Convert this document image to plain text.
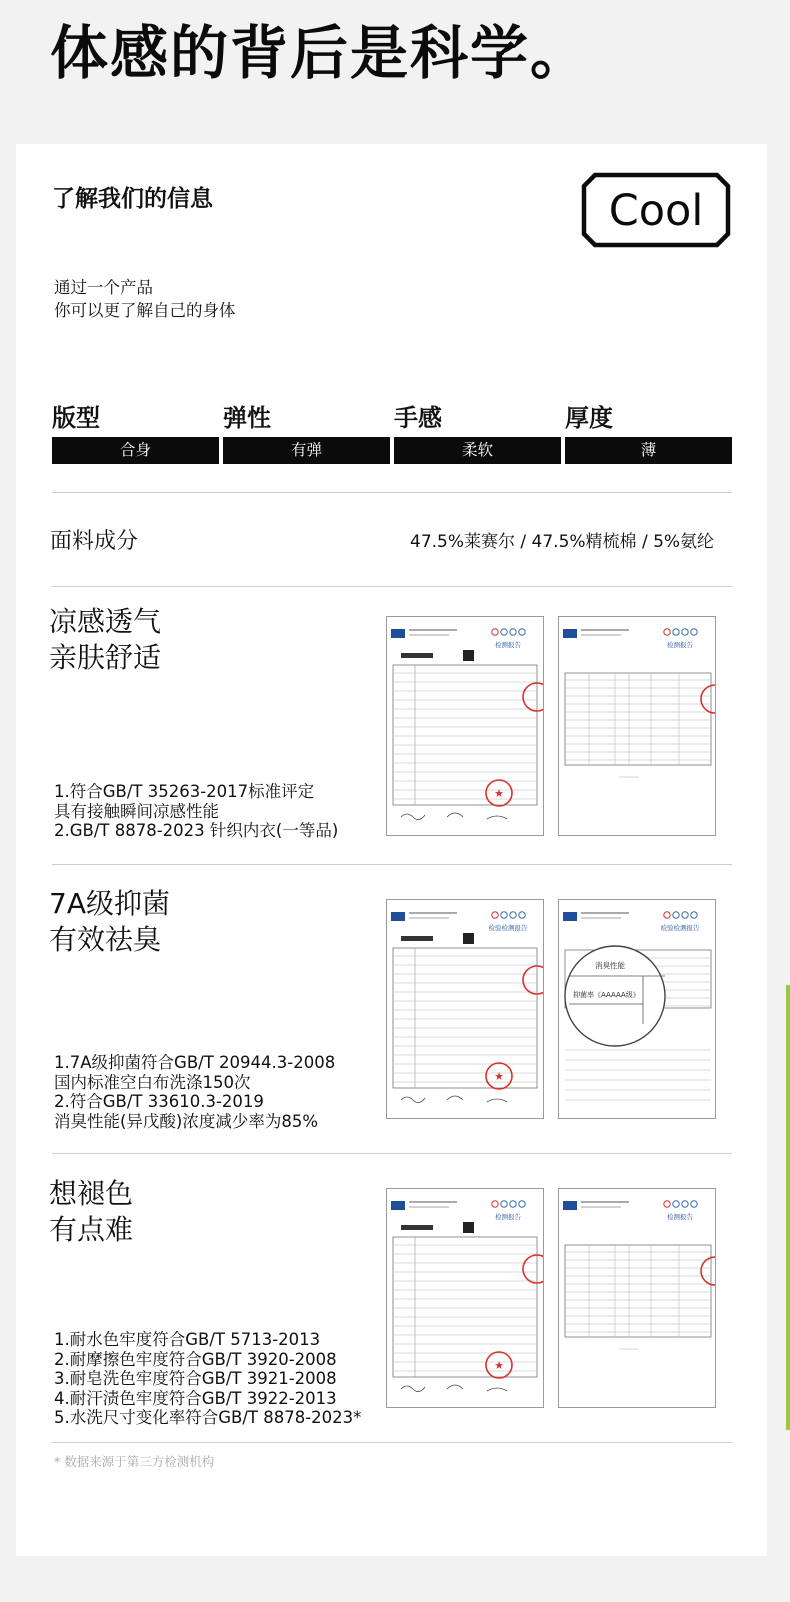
体感的背后是科学。
了解我们的信息	Cool
通过一个产品
你可以更了解自己的身体
版型
合身
弹性
有弹
手感
柔软
厚度
薄
面料成分	47.5%莱赛尔 / 47.5%精梳棉 / 5%氨纶
凉感透气
亲肤舒适
1.符合GB/T 35263-2017标准评定
具有接触瞬间凉感性能
2.GB/T 8878-2023 针织内衣(一等品)
检测报告
★
检测报告
7A级抑菌
有效祛臭
1.7A级抑菌符合GB/T 20944.3-2008
国内标准空白布洗涤150次
2.符合GB/T 33610.3-2019
消臭性能(异戊酸)浓度减少率为85%
检验检测报告
★
检验检测报告
消臭性能
抑菌率《AAAAA级》
想褪色
有点难
1.耐水色牢度符合GB/T 5713-2013
2.耐摩擦色牢度符合GB/T 3920-2008
3.耐皂洗色牢度符合GB/T 3921-2008
4.耐汗渍色牢度符合GB/T 3922-2013
5.水洗尺寸变化率符合GB/T 8878-2023*
检测报告
★
检测报告
* 数据来源于第三方检测机构
